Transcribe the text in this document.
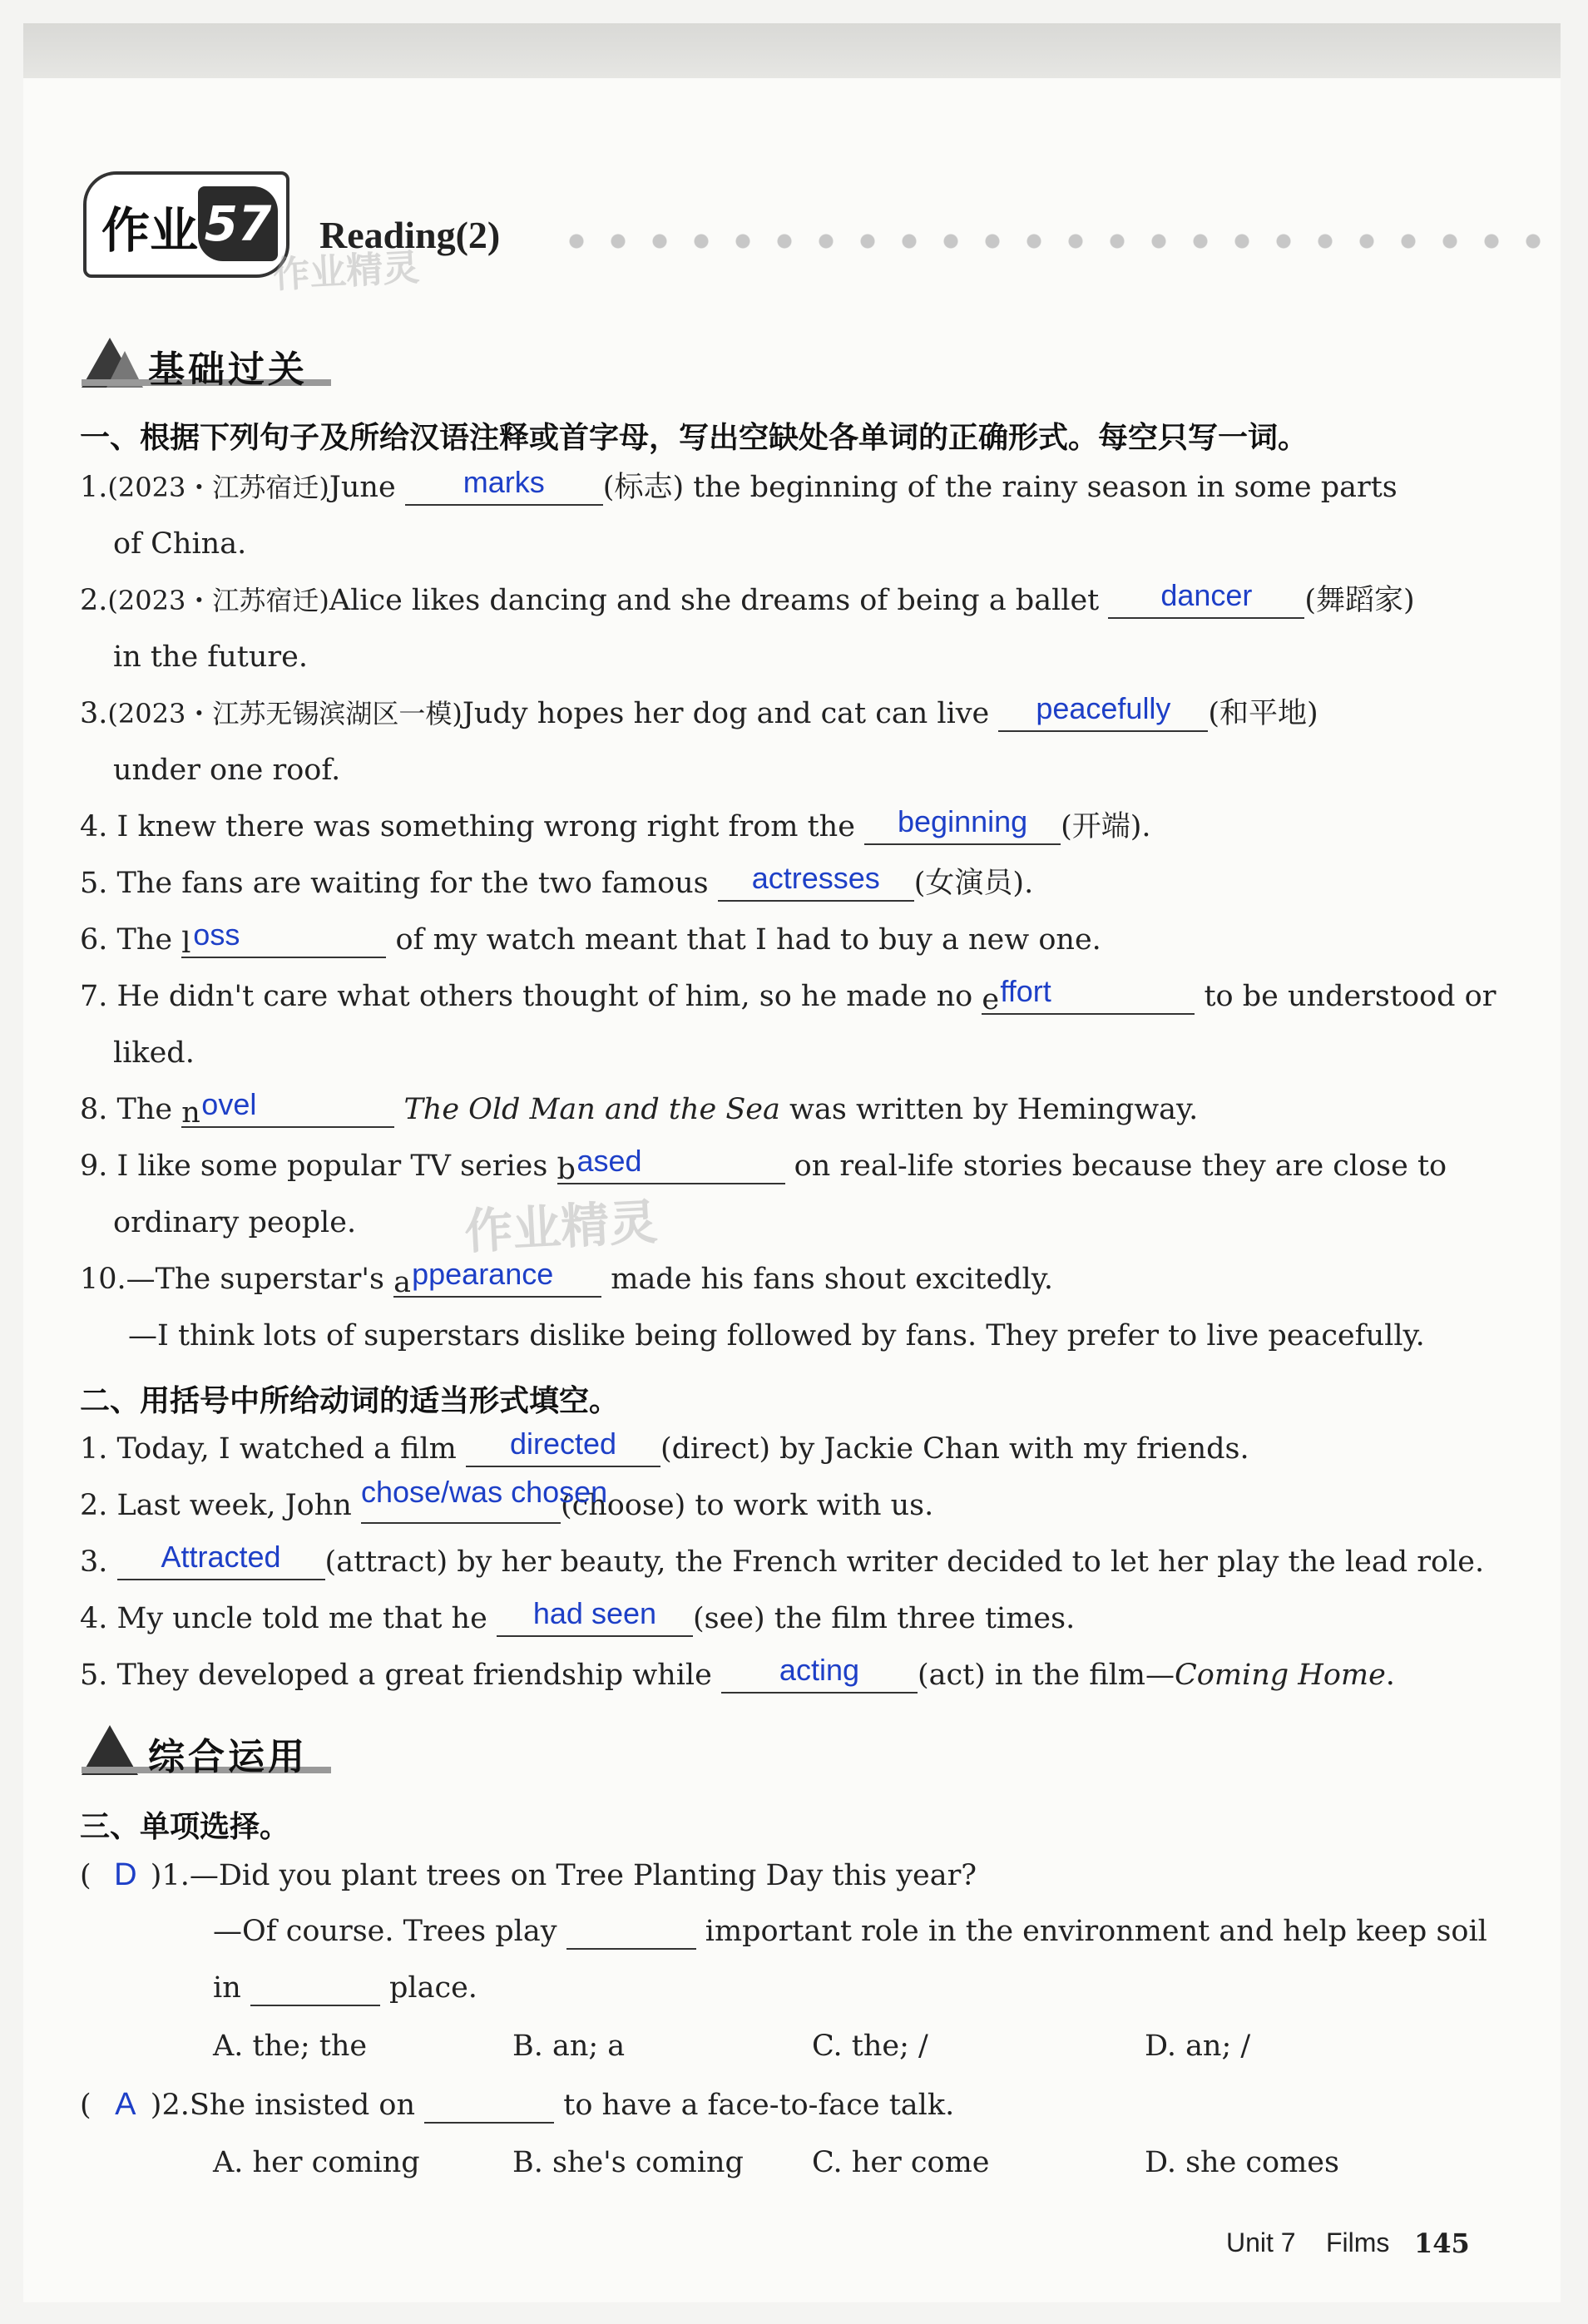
作业 57 Reading(2)
作业精灵
作业精灵
基础过关
一、根据下列句子及所给汉语注释或首字母，写出空缺处各单词的正确形式。每空只写一词。
1.(2023・江苏宿迁)June	marks	(标志) the beginning of the rainy season in some parts
of China.
2.(2023・江苏宿迁)Alice likes dancing and she dreams of being a ballet	dancer	(舞蹈家)
in the future.
3.(2023・江苏无锡滨湖区一模)Judy hopes her dog and cat can live	peacefully	(和平地)
under one roof.
4. I knew there was something wrong right from the	beginning	(开端).
5. The fans are waiting for the two famous	actresses	(女演员).
6. The l oss	of my watch meant that I had to buy a new one.
7. He didn't care what others thought of him, so he made no e ffort	to be understood or
liked.
8. The n ovel	The Old Man and the Sea was written by Hemingway.
9. I like some popular TV series b ased	on real-life stories because they are close to
ordinary people.
10.—The superstar's a ppearance	made his fans shout excitedly.
—I think lots of superstars dislike being followed by fans. They prefer to live peacefully.
二、用括号中所给动词的适当形式填空。
1. Today, I watched a film	directed	(direct) by Jackie Chan with my friends.
2. Last week, John chose/was chosen
(choose) to work with us.
3.	Attracted	(attract) by her beauty, the French writer decided to let her play the lead role.
4. My uncle told me that he	had seen	(see) the film three times.
5. They developed a great friendship while	acting	(act) in the film—Coming Home.
综合运用
三、单项选择。
( D )1.—Did you plant trees on Tree Planting Day this year?
—Of course. Trees play	important role in the environment and help keep soil
in	place.
A. the; the	B. an; a	C. the; /	D. an; /
( A )2.She insisted on	to have a face-to-face talk.
A. her coming	B. she's coming C. her come	D. she comes
Unit 7 Films 145
